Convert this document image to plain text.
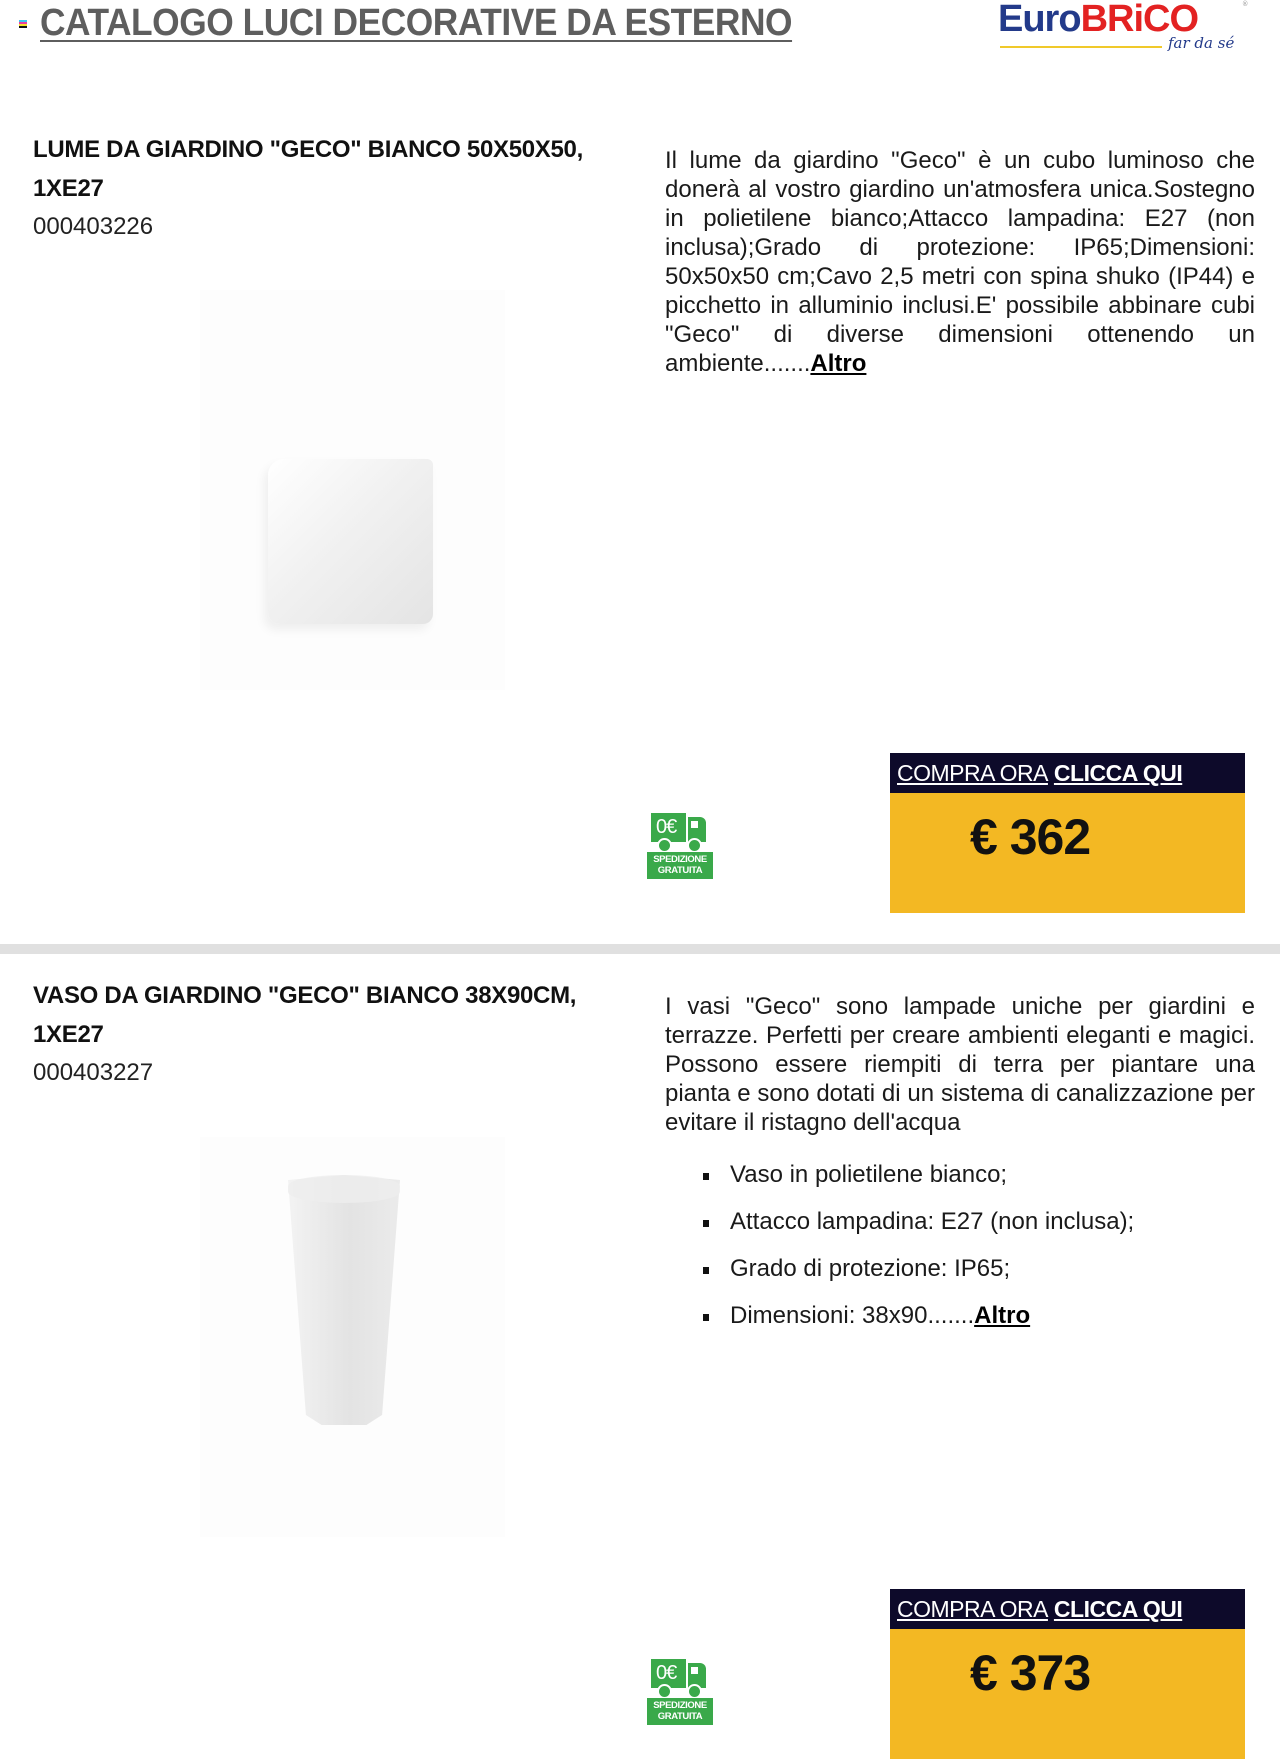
CATALOGO LUCI DECORATIVE DA ESTERNO	EuroBRiCO	®
far da sé
LUME DA GIARDINO "GECO" BIANCO 50X50X50,
1XE27
000403226
Il lume da giardino "Geco" è un cubo luminoso che donerà al vostro giardino un'atmosfera unica.Sostegno in polietilene bianco;Attacco lampadina: E27 (non inclusa);Grado di protezione: IP65;Dimensioni: 50x50x50 cm;Cavo 2,5 metri con spina shuko (IP44) e picchetto in alluminio inclusi.E' possibile abbinare cubi "Geco" di diverse dimensioni ottenendo un ambiente.......Altro
0€
SPEDIZIONE
GRATUITA
COMPRA ORA CLICCA QUI
€ 362
VASO DA GIARDINO "GECO" BIANCO 38X90CM,
1XE27
000403227
I vasi "Geco" sono lampade uniche per giardini e terrazze. Perfetti per creare ambienti eleganti e magici. Possono essere riempiti di terra per piantare una pianta e sono dotati di un sistema di canalizzazione per evitare il ristagno dell'acqua
Vaso in polietilene bianco;
Attacco lampadina: E27 (non inclusa);
Grado di protezione: IP65;
Dimensioni: 38x90.......Altro
0€
SPEDIZIONE
GRATUITA
COMPRA ORA CLICCA QUI
€ 373
